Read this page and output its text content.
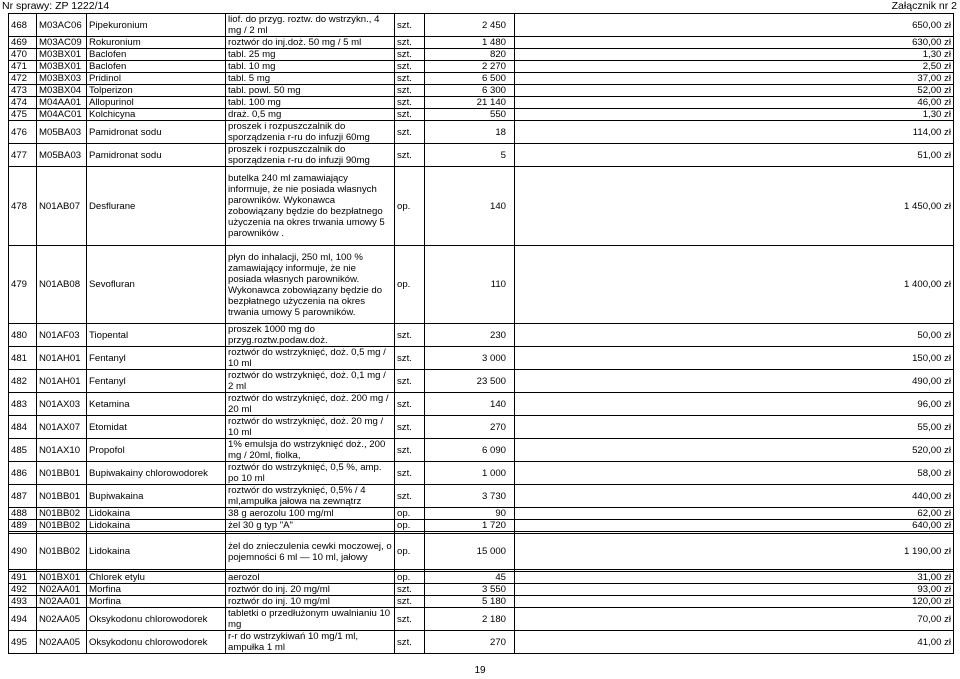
Nr sprawy: ZP 1222/14	Załącznik nr 2
468	M03AC06	Pipekuronium	liof. do przyg. roztw. do wstrzykn., 4 mg / 2 ml	szt.	2 450	650,00 zł
469	M03AC09	Rokuronium	roztwór do inj.doż. 50 mg / 5 ml	szt.	1 480	630,00 zł
470	M03BX01	Baclofen	tabl. 25 mg	szt.	820	1,30 zł
471	M03BX01	Baclofen	tabl. 10 mg	szt.	2 270	2,50 zł
472	M03BX03	Pridinol	tabl. 5 mg	szt.	6 500	37,00 zł
473	M03BX04	Tolperizon	tabl. powl. 50 mg	szt.	6 300	52,00 zł
474	M04AA01	Allopurinol	tabl. 100 mg	szt.	21 140	46,00 zł
475	M04AC01	Kolchicyna	draż. 0,5 mg	szt.	550	1,30 zł
476	M05BA03	Pamidronat sodu	proszek i rozpuszczalnik do sporządzenia r-ru do infuzji 60mg	szt.	18	114,00 zł
477	M05BA03	Pamidronat sodu	proszek i rozpuszczalnik do sporządzenia r-ru do infuzji 90mg	szt.	5	51,00 zł
478	N01AB07	Desflurane	butelka 240 ml zamawiający informuje, że nie posiada własnych parowników. Wykonawca zobowiązany będzie do bezpłatnego użyczenia na okres trwania umowy 5 parowników .	op.	140	1 450,00 zł
479	N01AB08	Sevofluran	płyn do inhalacji, 250 ml, 100 % zamawiający informuje, że nie posiada własnych parowników. Wykonawca zobowiązany będzie do bezpłatnego użyczenia na okres trwania umowy 5 parowników.	op.	110	1 400,00 zł
480	N01AF03	Tiopental	proszek 1000 mg do przyg.roztw.podaw.doż.	szt.	230	50,00 zł
481	N01AH01	Fentanyl	roztwór do wstrzyknięć, doż. 0,5 mg / 10 ml	szt.	3 000	150,00 zł
482	N01AH01	Fentanyl	roztwór do wstrzyknięć, doż. 0,1 mg / 2 ml	szt.	23 500	490,00 zł
483	N01AX03	Ketamina	roztwór do wstrzyknięć, doż. 200 mg / 20 ml	szt.	140	96,00 zł
484	N01AX07	Etomidat	roztwór do wstrzyknięć, doż. 20 mg / 10 ml	szt.	270	55,00 zł
485	N01AX10	Propofol	1% emulsja do wstrzyknięć doż., 200 mg / 20ml, fiolka,	szt.	6 090	520,00 zł
486	N01BB01	Bupiwakainy chlorowodorek	roztwór do wstrzyknięć, 0,5 %, amp. po 10 ml	szt.	1 000	58,00 zł
487	N01BB01	Bupiwakaina	roztwór do wstrzyknięć, 0,5% / 4 ml,ampułka jałowa na zewnątrz	szt.	3 730	440,00 zł
488	N01BB02	Lidokaina	38 g aerozolu 100 mg/ml	op.	90	62,00 zł
489	N01BB02	Lidokaina	żel 30 g typ "A"	op.	1 720	640,00 zł

490	N01BB02	Lidokaina	żel do znieczulenia cewki moczowej, o pojemności 6 ml — 10 ml, jałowy	op.	15 000	1 190,00 zł

491	N01BX01	Chlorek etylu	aerozol	op.	45	31,00 zł
492	N02AA01	Morfina	roztwór do inj. 20 mg/ml	szt.	3 550	93,00 zł
493	N02AA01	Morfina	roztwór do inj. 10 mg/ml	szt.	5 180	120,00 zł
494	N02AA05	Oksykodonu chlorowodorek	tabletki o przedłużonym uwalnianiu 10 mg	szt.	2 180	70,00 zł
495	N02AA05	Oksykodonu chlorowodorek	r-r do wstrzykiwań 10 mg/1 ml, ampułka 1 ml	szt.	270	41,00 zł
19
